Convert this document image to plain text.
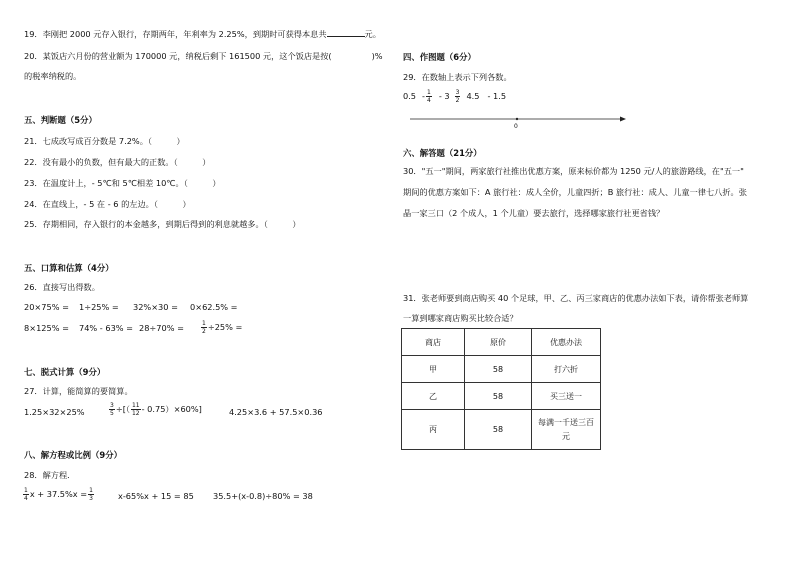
19．李刚把 2000 元存入银行，存期两年，年利率为 2.25%，到期时可获得本息共	元。
20．某饭店六月份的营业额为 170000 元，纳税后剩下 161500 元，这个饭店是按(	)%
的税率纳税的。
五、判断题（5分）
21．七成改写成百分数是 7.2%。（　　　）
22．没有最小的负数，但有最大的正数。（　　　）
23．在温度计上，- 5℃和 5℃相差 10℃。（　　　）
24．在直线上，- 5 在 - 6 的左边。（　　　）
25．存期相同，存入银行的本金越多，到期后得到的利息就越多。（　　　）
五、口算和估算（4分）
26．直接写出得数。
20×75% = 1÷25% = 32%×30 = 0×62.5% =
8×125% = 74% - 63% = 28÷70% =	$\frac{1}{2} \div 25\%$ =
七、脱式计算（9分）
27．计算，能简算的要简算。
1.25×32×25%	$\frac{3}{5}$ ÷[（ $\frac{11}{12} - 0.75)\times 60\%$]	4.25×3.6 + 57.5×0.36
八、解方程或比例（9分）
28．解方程．
$\frac{1}{4}$ $x + 37.5\%x = \frac{1}{3}$	x-65%x + 15 = 85 35.5+(x-0.8)÷80% = 38
四、作图题（6分）
29．在数轴上表示下列各数。
$0.5 - \frac{1}{4} - 3 \frac{3}{2} 4.5 - 1.5$
0
六、解答题（21分）
30．"五一"期间，两家旅行社推出优惠方案，原来标价都为 1250 元/人的旅游路线，在"五一"
期间的优惠方案如下：A 旅行社：成人全价，儿童四折；B 旅行社：成人、儿童一律七八折。张
晶一家三口（2 个成人，1 个儿童）要去旅行，选择哪家旅行社更省钱？
31．张老师要到商店购买 40 个足球，甲、乙、丙三家商店的优惠办法如下表，请你帮张老师算
一算到哪家商店购买比较合适？
商店	原价	优惠办法
甲	58	打六折
乙	58	买三送一
丙	58	每满一千送三百
元
